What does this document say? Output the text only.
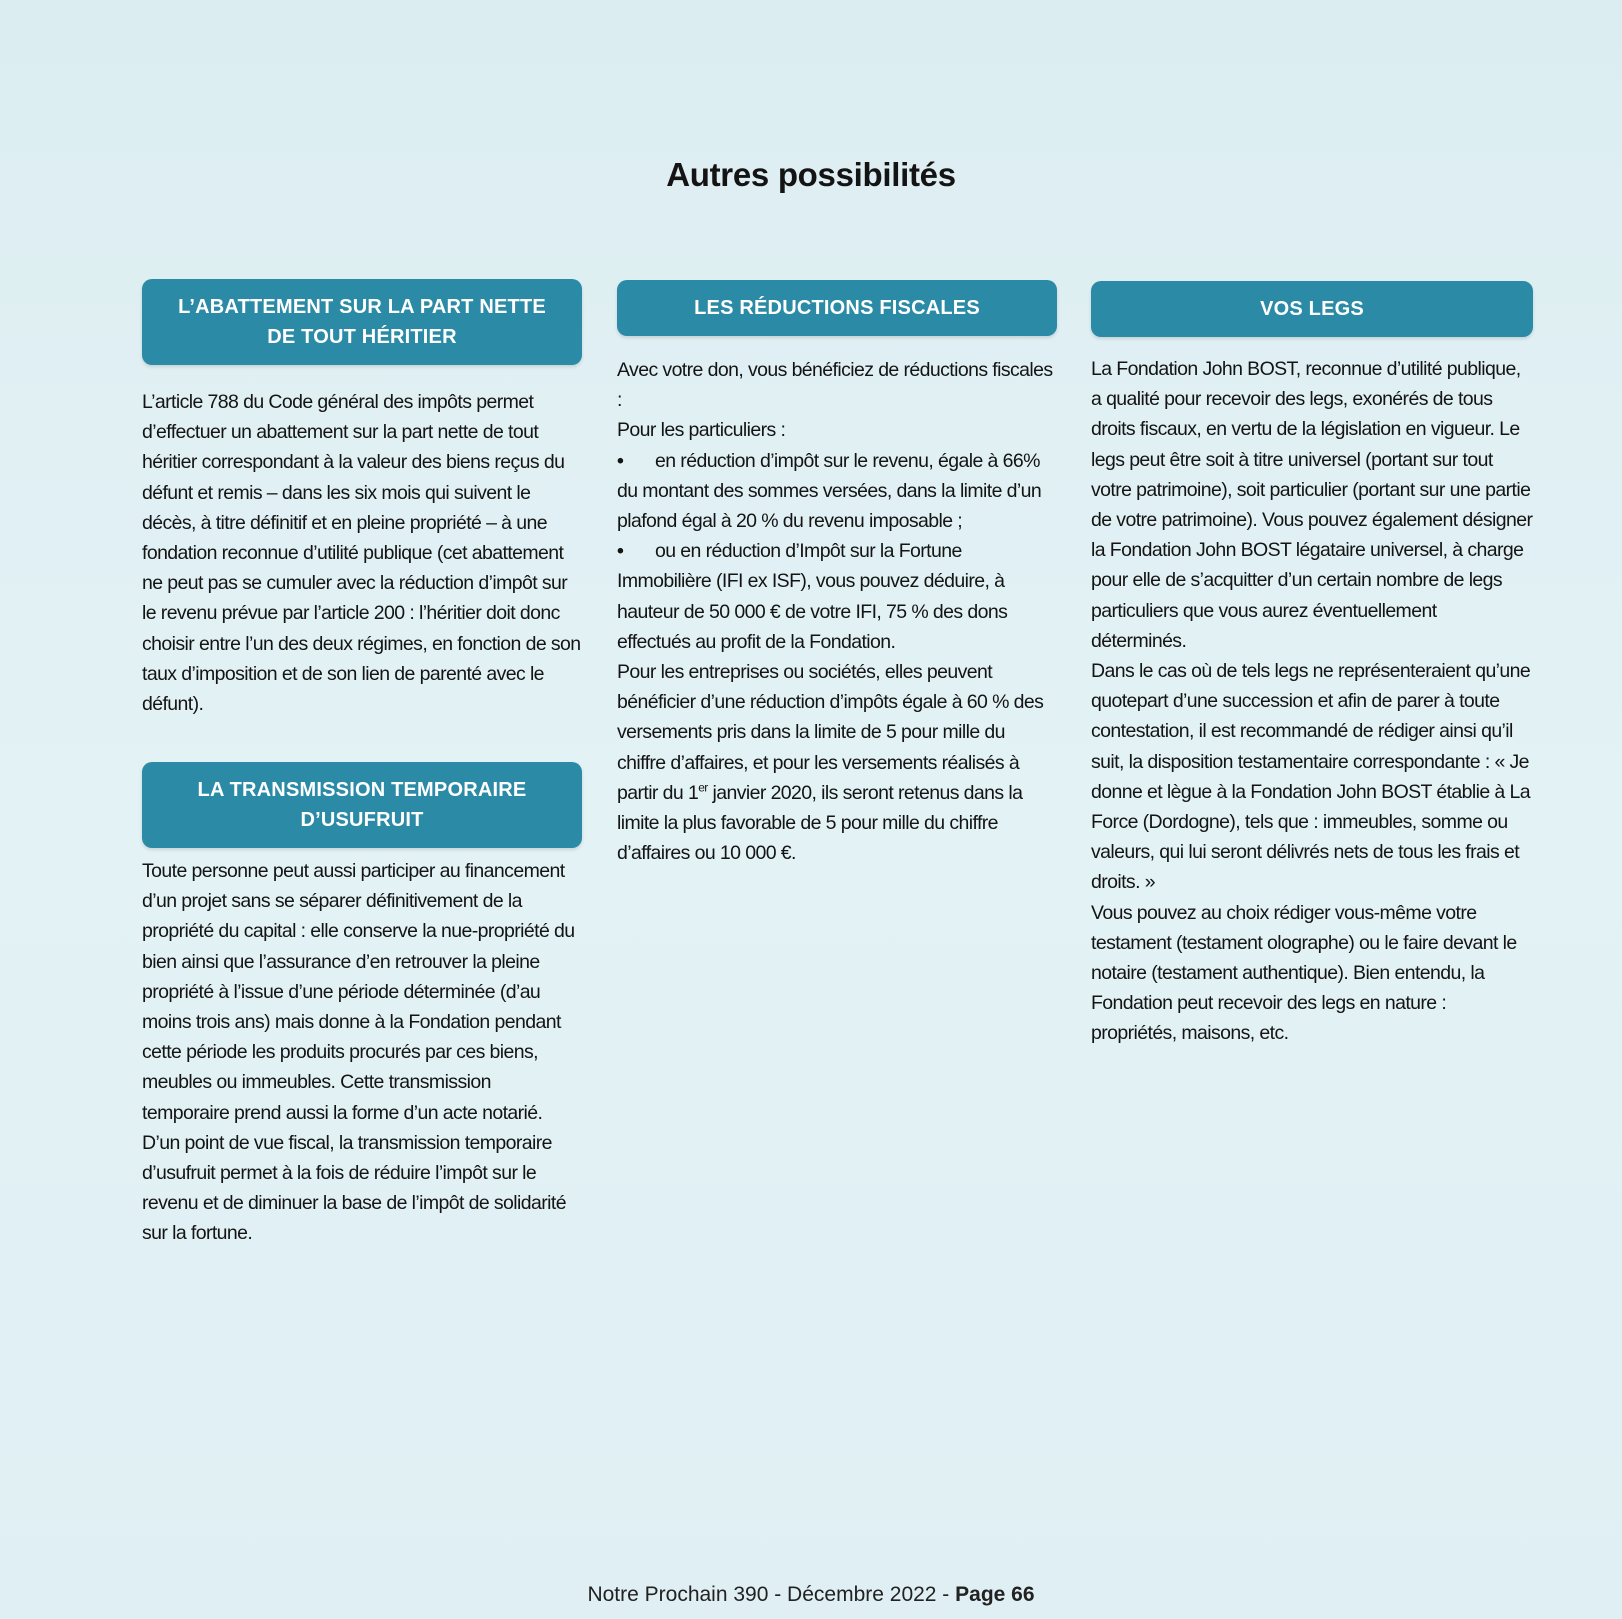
Autres possibilités
L’ABATTEMENT SUR LA PART NETTE
DE TOUT HÉRITIER

L’article 788 du Code général des impôts permet d’effectuer un abattement sur la part nette de tout héritier correspondant à la valeur des biens reçus du défunt et remis – dans les six mois qui suivent le décès, à titre définitif et en pleine propriété – à une fondation reconnue d’utilité publique (cet abattement ne peut pas se cumuler avec la réduction d’impôt sur le revenu prévue par l’article 200 : l’héritier doit donc choisir entre l’un des deux régimes, en fonction de son taux d’imposition et de son lien de parenté avec le défunt).

LA TRANSMISSION TEMPORAIRE
D’USUFRUIT

Toute personne peut aussi participer au financement d’un projet sans se séparer définitivement de la propriété du capital : elle conserve la nue-propriété du bien ainsi que l’assurance d’en retrouver la pleine propriété à l’issue d’une période déterminée (d’au moins trois ans) mais donne à la Fondation pendant cette période les produits procurés par ces biens, meubles ou immeubles. Cette transmission temporaire prend aussi la forme d’un acte notarié. D’un point de vue fiscal, la transmission temporaire d’usufruit permet à la fois de réduire l’impôt sur le revenu et de diminuer la base de l’impôt de solidarité sur la fortune.

LES RÉDUCTIONS FISCALES

Avec votre don, vous bénéficiez de réductions fiscales :

Pour les particuliers :

• en réduction d’impôt sur le revenu, égale à 66% du montant des sommes versées, dans la limite d’un plafond égal à 20 % du revenu imposable ;

• ou en réduction d’Impôt sur la Fortune Immobilière (IFI ex ISF), vous pouvez déduire, à hauteur de 50 000 € de votre IFI, 75 % des dons effectués au profit de la Fondation.

Pour les entreprises ou sociétés, elles peuvent bénéficier d’une réduction d’impôts égale à 60 % des versements pris dans la limite de 5 pour mille du chiffre d’affaires, et pour les versements réalisés à partir du 1er janvier 2020, ils seront retenus dans la limite la plus favorable de 5 pour mille du chiffre d’affaires ou 10 000 €.

VOS LEGS

La Fondation John BOST, reconnue d’utilité publique, a qualité pour recevoir des legs, exonérés de tous droits fiscaux, en vertu de la législation en vigueur. Le legs peut être soit à titre universel (portant sur tout votre patrimoine), soit particulier (portant sur une partie de votre patrimoine). Vous pouvez également désigner la Fondation John BOST légataire universel, à charge pour elle de s’acquitter d’un certain nombre de legs particuliers que vous aurez éventuellement déterminés.

Dans le cas où de tels legs ne représenteraient qu’une quotepart d’une succession et afin de parer à toute contestation, il est recommandé de rédiger ainsi qu’il suit, la disposition testamentaire correspondante : « Je donne et lègue à la Fondation John BOST établie à La Force (Dordogne), tels que : immeubles, somme ou valeurs, qui lui seront délivrés nets de tous les frais et droits. »

Vous pouvez au choix rédiger vous-même votre testament (testament olographe) ou le faire devant le notaire (testament authentique). Bien entendu, la Fondation peut recevoir des legs en nature : propriétés, maisons, etc.

Notre Prochain 390 - Décembre 2022 - Page 66
